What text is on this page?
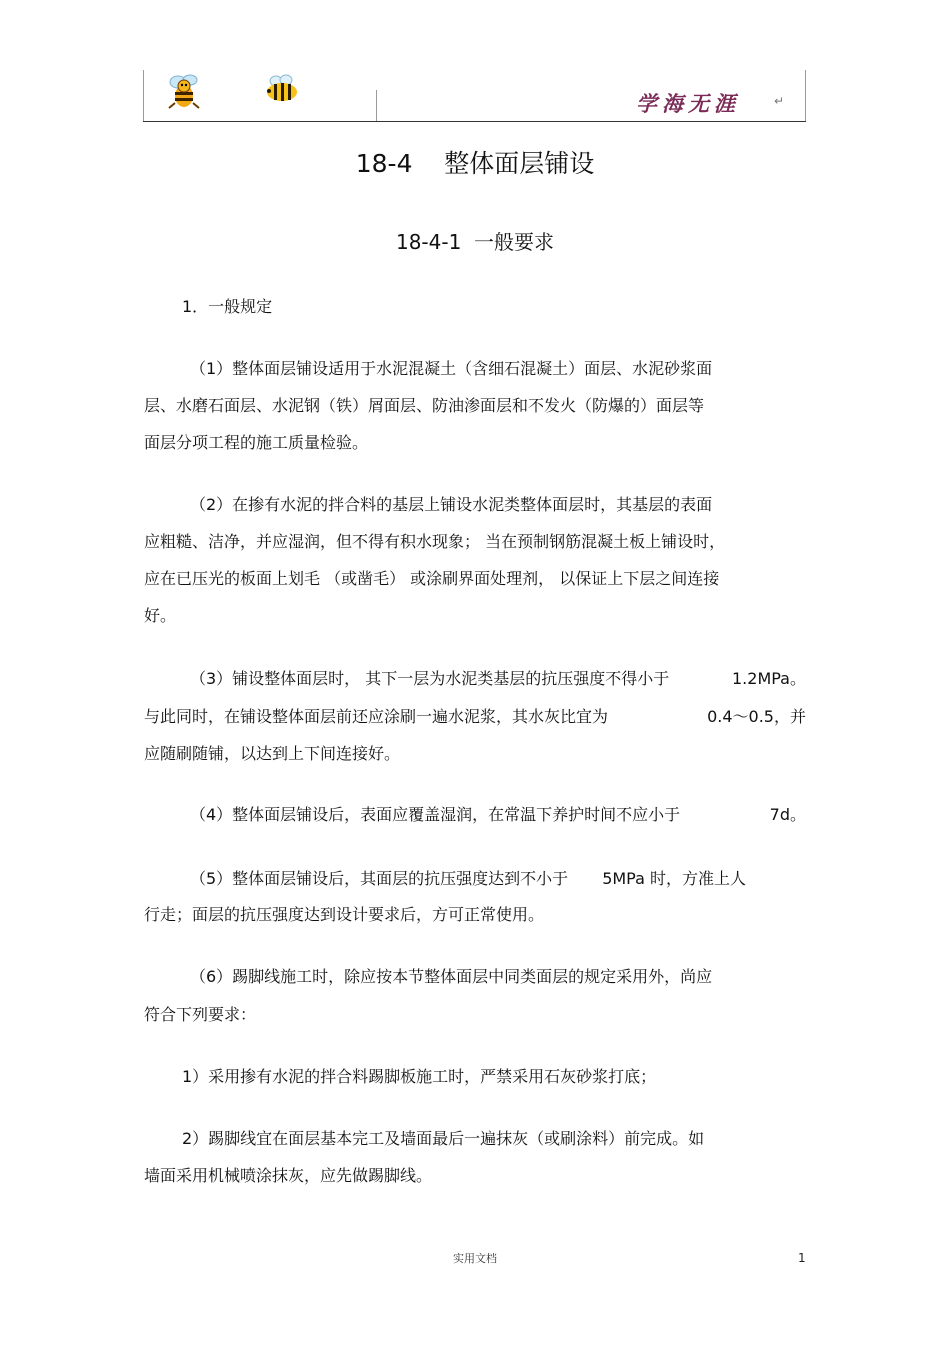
学海无涯	↵
18-4    整体面层铺设
18-4-1  一般要求
1．一般规定
（1）整体面层铺设适用于水泥混凝土（含细石混凝土）面层、水泥砂浆面
层、水磨石面层、水泥钢（铁）屑面层、防油渗面层和不发火（防爆的）面层等
面层分项工程的施工质量检验。
（2）在掺有水泥的拌合料的基层上铺设水泥类整体面层时，其基层的表面
应粗糙、洁净，并应湿润，但不得有积水现象； 当在预制钢筋混凝土板上铺设时，
应在已压光的板面上划毛 （或凿毛） 或涂刷界面处理剂， 以保证上下层之间连接
好。
（3）铺设整体面层时， 其下一层为水泥类基层的抗压强度不得小于	1.2MPa。
与此同时，在铺设整体面层前还应涂刷一遍水泥浆，其水灰比宜为	0.4～0.5，并
应随刷随铺，以达到上下间连接好。
（4）整体面层铺设后，表面应覆盖湿润，在常温下养护时间不应小于	7d。
（5）整体面层铺设后，其面层的抗压强度达到不小于 5MPa 时，方准上人
行走；面层的抗压强度达到设计要求后，方可正常使用。
（6）踢脚线施工时，除应按本节整体面层中同类面层的规定采用外，尚应
符合下列要求：
1）采用掺有水泥的拌合料踢脚板施工时，严禁采用石灰砂浆打底；
2）踢脚线宜在面层基本完工及墙面最后一遍抹灰（或刷涂料）前完成。如
墙面采用机械喷涂抹灰，应先做踢脚线。
实用文档	1
